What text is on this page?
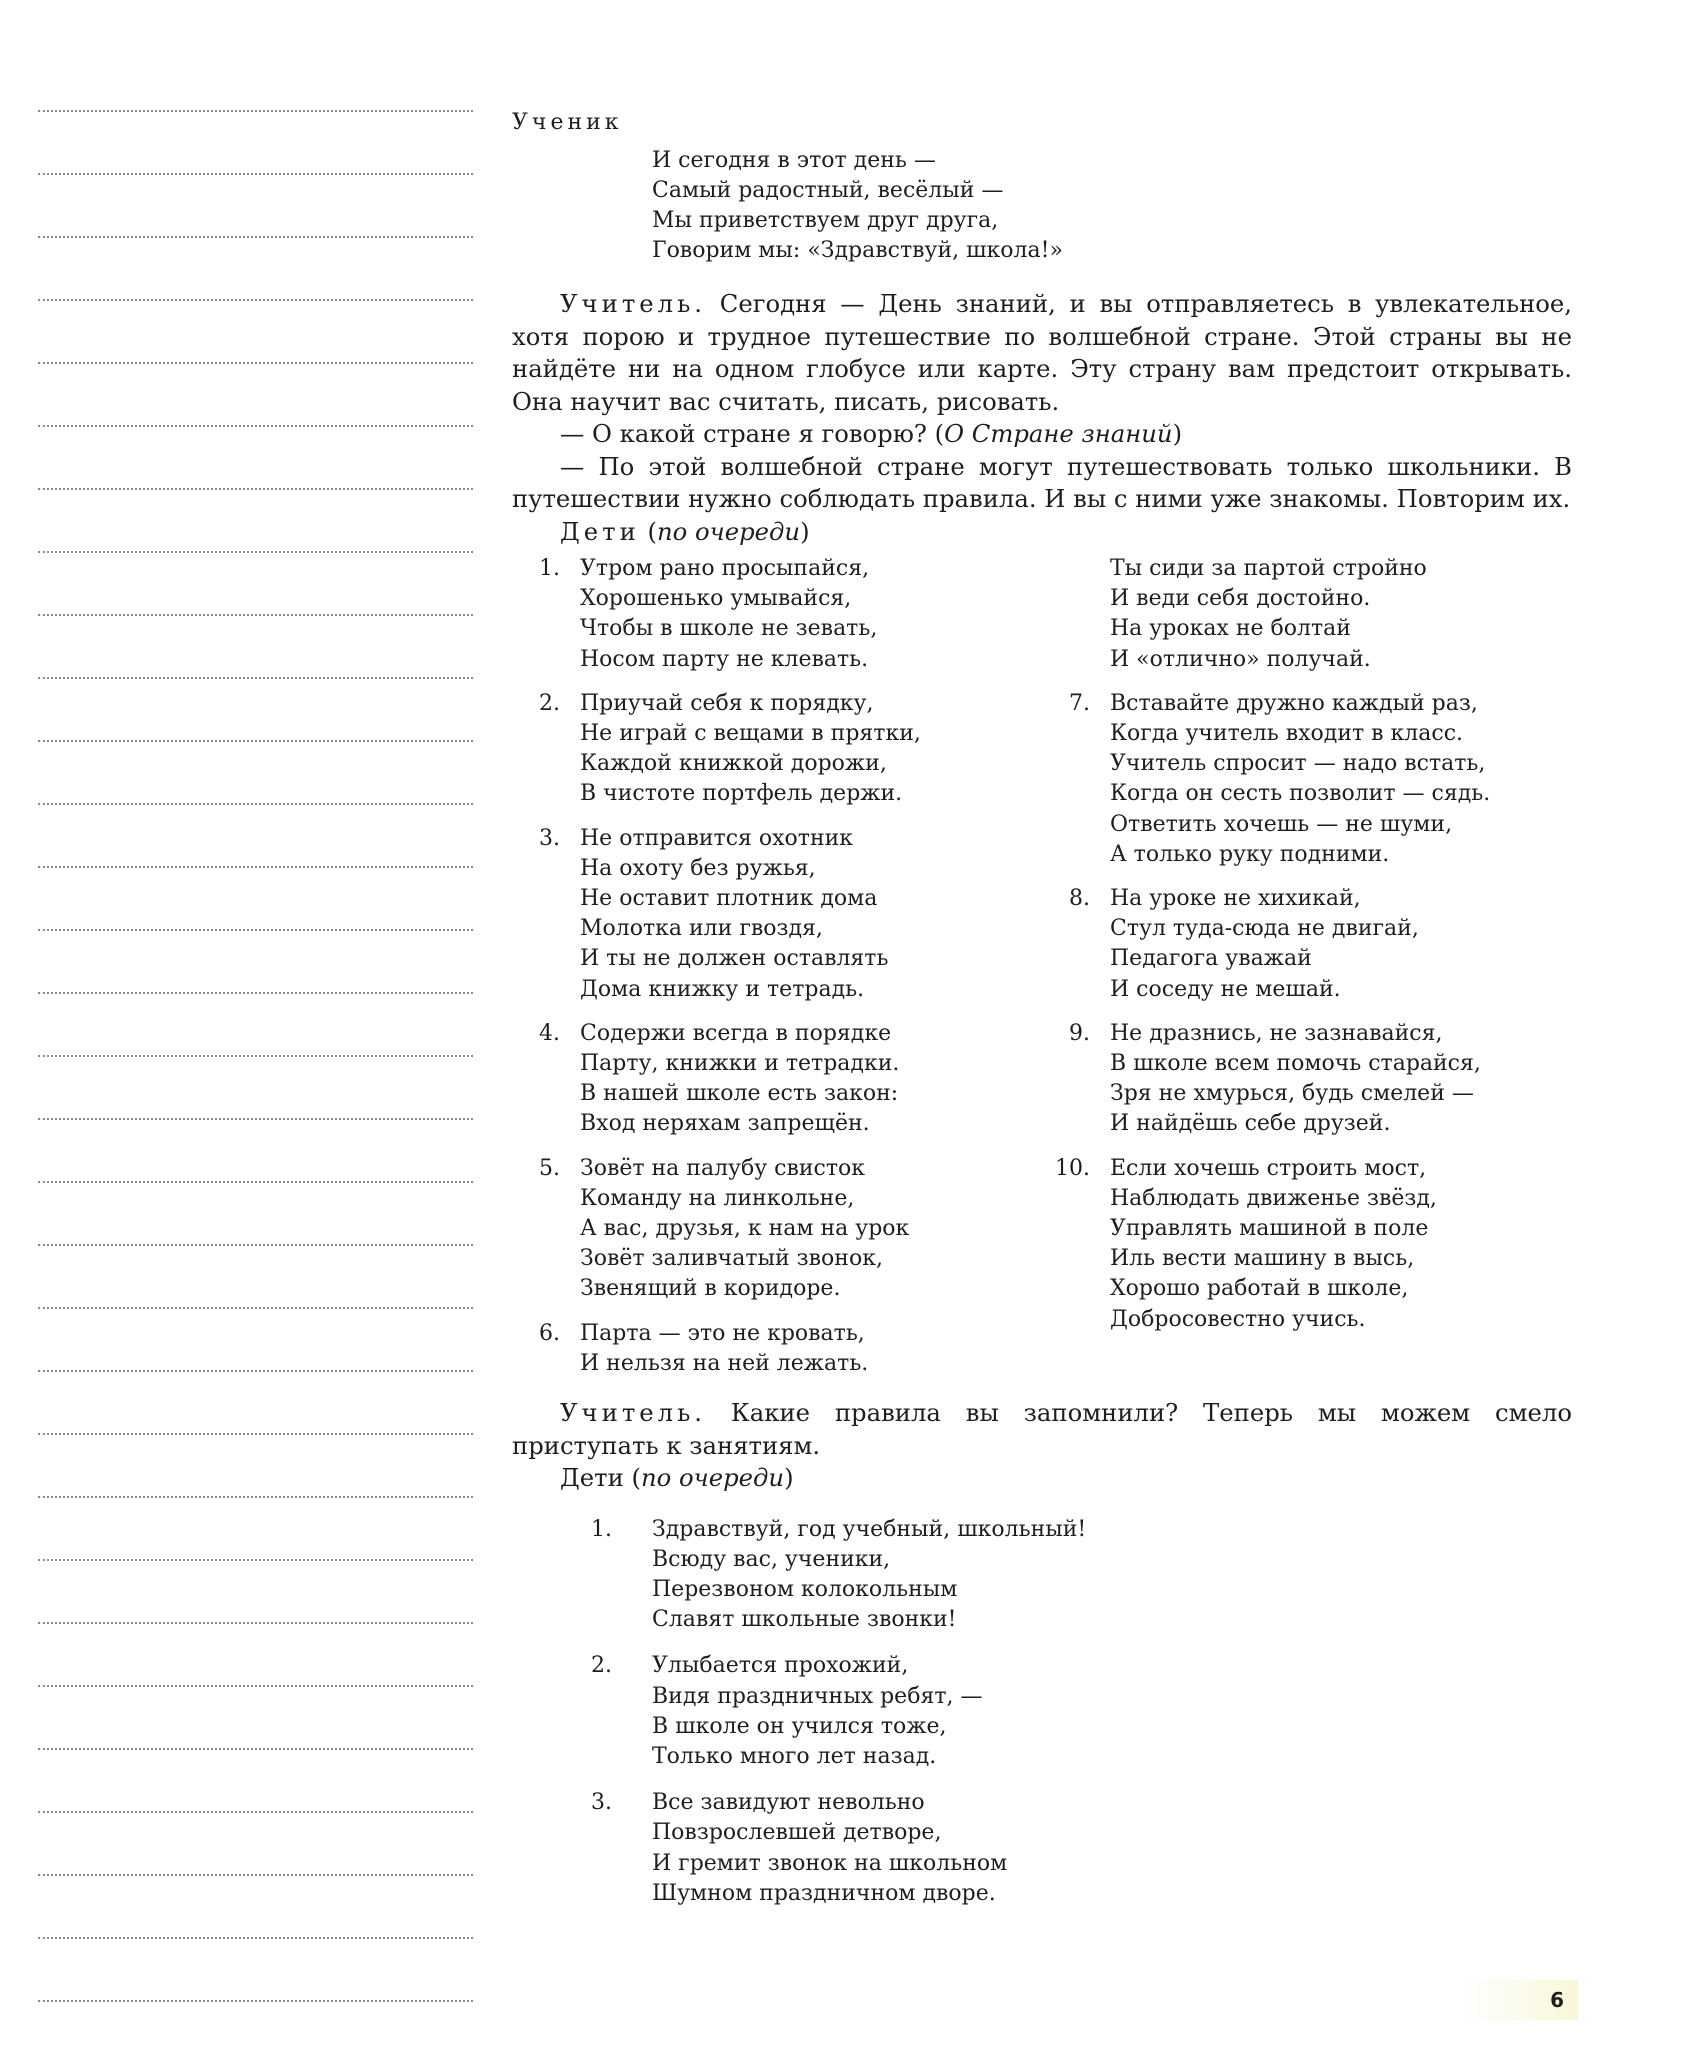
Ученик

И сегодня в этот день —
Самый радостный, весёлый —
Мы приветствуем друг друга,
Говорим мы: «Здравствуй, школа!»

Учитель. Сегодня — День знаний, и вы отправляетесь в увлекательное, хотя порою и трудное путешествие по волшебной стране. Этой страны вы не найдёте ни на одном глобусе или карте. Эту страну вам предстоит открывать. Она научит вас считать, писать, рисовать.

— О какой стране я говорю? (О Стране знаний)

— По этой волшебной стране могут путешествовать только школьники. В путешествии нужно соблюдать правила. И вы с ними уже знакомы. Повторим их.

Дети (по очереди)

1. Утром рано просыпайся,
Хорошенько умывайся,
Чтобы в школе не зевать,
Носом парту не клевать.
2. Приучай себя к порядку,
Не играй с вещами в прятки,
Каждой книжкой дорожи,
В чистоте портфель держи.
3. Не отправится охотник
На охоту без ружья,
Не оставит плотник дома
Молотка или гвоздя,
И ты не должен оставлять
Дома книжку и тетрадь.
4. Содержи всегда в порядке
Парту, книжки и тетрадки.
В нашей школе есть закон:
Вход неряхам запрещён.
5. Зовёт на палубу свисток
Команду на линкольне,
А вас, друзья, к нам на урок
Зовёт заливчатый звонок,
Звенящий в коридоре.
6. Парта — это не кровать,
И нельзя на ней лежать.
Ты сиди за партой стройно
И веди себя достойно.
На уроках не болтай
И «отлично» получай.
7. Вставайте дружно каждый раз,
Когда учитель входит в класс.
Учитель спросит — надо встать,
Когда он сесть позволит — сядь.
Ответить хочешь — не шуми,
А только руку подними.
8. На уроке не хихикай,
Стул туда-сюда не двигай,
Педагога уважай
И соседу не мешай.
9. Не дразнись, не зазнавайся,
В школе всем помочь старайся,
Зря не хмурься, будь смелей —
И найдёшь себе друзей.
10. Если хочешь строить мост,
Наблюдать движенье звёзд,
Управлять машиной в поле
Иль вести машину в высь,
Хорошо работай в школе,
Добросовестно учись.

Учитель. Какие правила вы запомнили? Теперь мы можем смело приступать к занятиям.

Дети (по очереди)

1.	Здравствуй, год учебный, школьный!
Всюду вас, ученики,
Перезвоном колокольным
Славят школьные звонки!
2.	Улыбается прохожий,
Видя праздничных ребят, —
В школе он учился тоже,
Только много лет назад.
3.	Все завидуют невольно
Повзрослевшей детворе,
И гремит звонок на школьном
Шумном праздничном дворе.
6
